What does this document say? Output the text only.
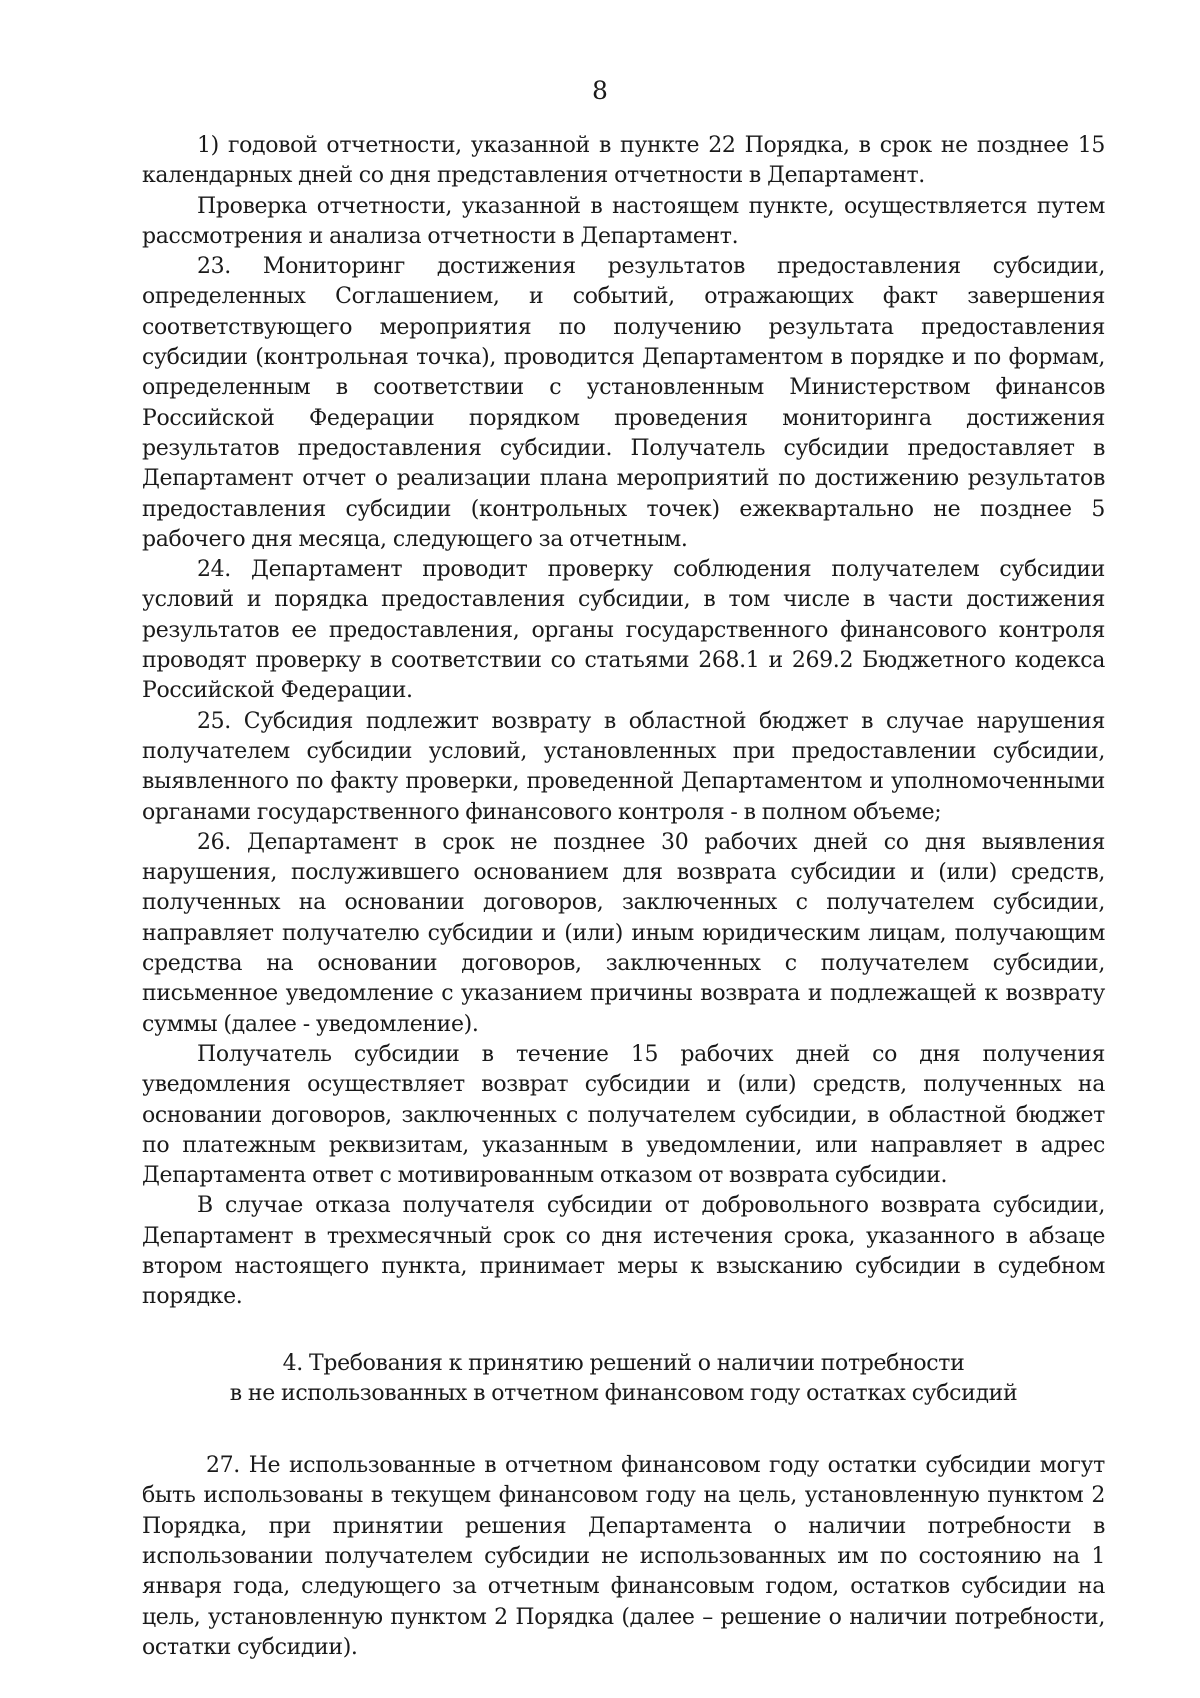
8

1) годовой отчетности, указанной в пункте 22 Порядка, в срок не позднее 15 календарных дней со дня представления отчетности в Департамент.

Проверка отчетности, указанной в настоящем пункте, осуществляется путем рассмотрения и анализа отчетности в Департамент.

23. Мониторинг достижения результатов предоставления субсидии, определенных Соглашением, и событий, отражающих факт завершения соответствующего мероприятия по получению результата предоставления субсидии (контрольная точка), проводится Департаментом в порядке и по формам, определенным в соответствии с установленным Министерством финансов Российской Федерации порядком проведения мониторинга достижения результатов предоставления субсидии. Получатель субсидии предоставляет в Департамент отчет о реализации плана мероприятий по достижению результатов предоставления субсидии (контрольных точек) ежеквартально не позднее 5 рабочего дня месяца, следующего за отчетным.

24. Департамент проводит проверку соблюдения получателем субсидии условий и порядка предоставления субсидии, в том числе в части достижения результатов ее предоставления, органы государственного финансового контроля проводят проверку в соответствии со статьями 268.1 и 269.2 Бюджетного кодекса Российской Федерации.

25. Субсидия подлежит возврату в областной бюджет в случае нарушения получателем субсидии условий, установленных при предоставлении субсидии, выявленного по факту проверки, проведенной Департаментом и уполномоченными органами государственного финансового контроля - в полном объеме;

26. Департамент в срок не позднее 30 рабочих дней со дня выявления нарушения, послужившего основанием для возврата субсидии и (или) средств, полученных на основании договоров, заключенных с получателем субсидии, направляет получателю субсидии и (или) иным юридическим лицам, получающим средства на основании договоров, заключенных с получателем субсидии, письменное уведомление с указанием причины возврата и подлежащей к возврату суммы (далее - уведомление).

Получатель субсидии в течение 15 рабочих дней со дня получения уведомления осуществляет возврат субсидии и (или) средств, полученных на основании договоров, заключенных с получателем субсидии, в областной бюджет по платежным реквизитам, указанным в уведомлении, или направляет в адрес Департамента ответ с мотивированным отказом от возврата субсидии.

В случае отказа получателя субсидии от добровольного возврата субсидии, Департамент в трехмесячный срок со дня истечения срока, указанного в абзаце втором настоящего пункта, принимает меры к взысканию субсидии в судебном порядке.

4. Требования к принятию решений о наличии потребности
в не использованных в отчетном финансовом году остатках субсидий

27. Не использованные в отчетном финансовом году остатки субсидии могут быть использованы в текущем финансовом году на цель, установленную пунктом 2 Порядка, при принятии решения Департамента о наличии потребности в использовании получателем субсидии не использованных им по состоянию на 1 января года, следующего за отчетным финансовым годом, остатков субсидии на цель, установленную пунктом 2 Порядка (далее – решение о наличии потребности, остатки субсидии).
